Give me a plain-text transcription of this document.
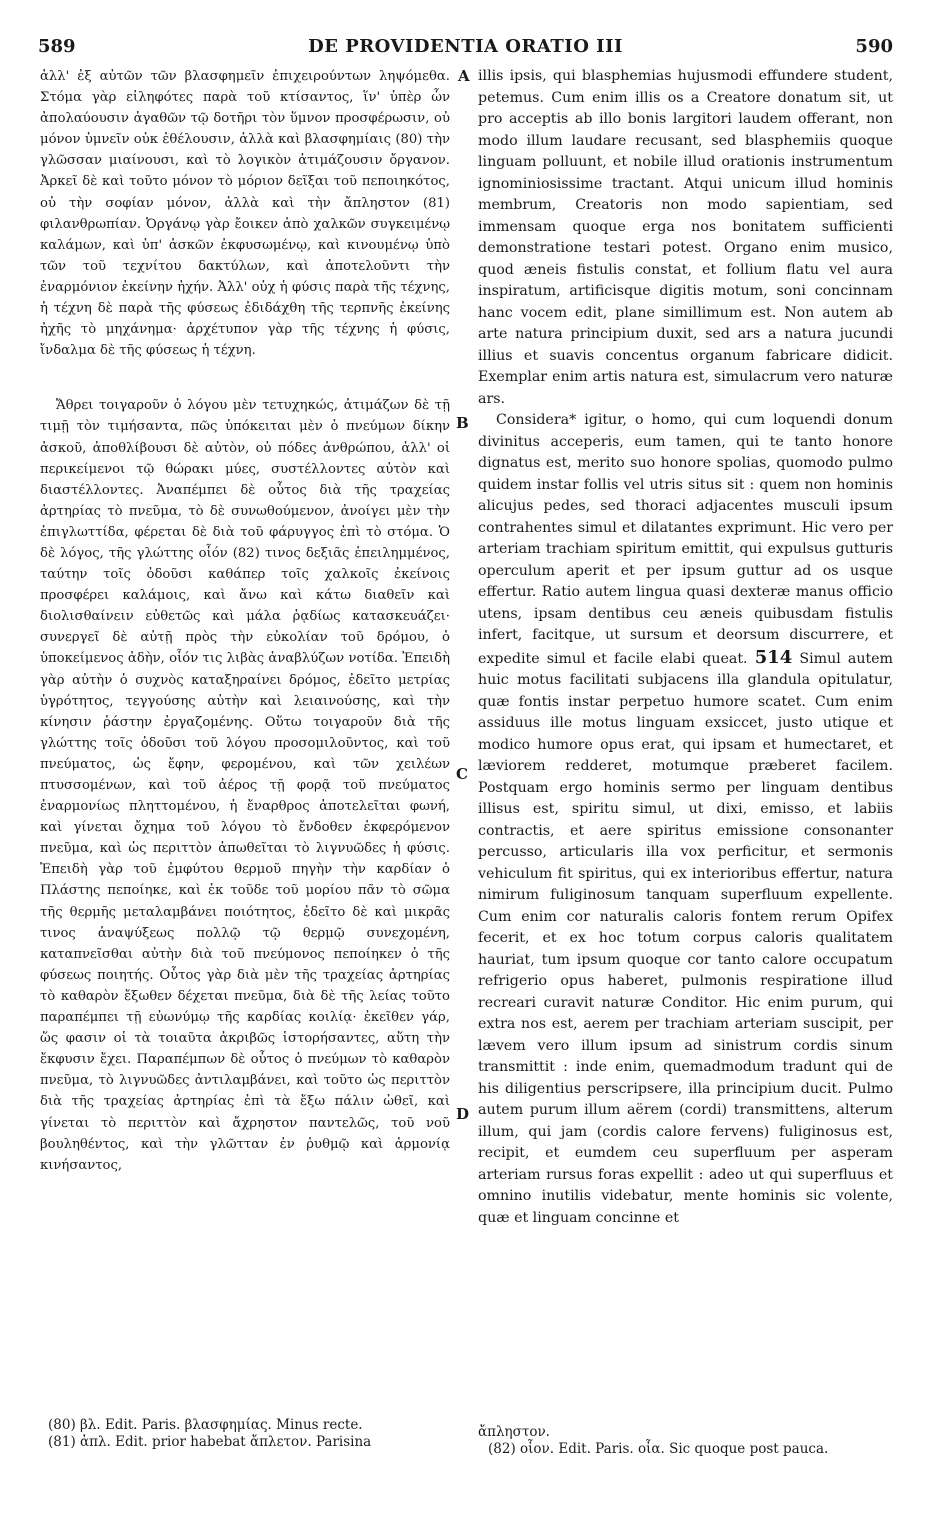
589	DE PROVIDENTIA ORATIO III	590

ἀλλ' ἐξ αὐτῶν τῶν βλασφημεῖν ἐπιχειρούντων ληψόμεθα. Στόμα γὰρ εἰληφότες παρὰ τοῦ κτίσαντος, ἵν' ὑπὲρ ὧν ἀπολαύουσιν ἀγαθῶν τῷ δοτῆρι τὸν ὕμνον προσφέρωσιν, οὐ μόνον ὑμνεῖν οὐκ ἐθέλουσιν, ἀλλὰ καὶ βλασφημίαις (80) τὴν γλῶσσαν μιαίνουσι, καὶ τὸ λογικὸν ἀτιμάζουσιν ὄργανον. Ἀρκεῖ δὲ καὶ τοῦτο μόνον τὸ μόριον δεῖξαι τοῦ πεποιηκότος, οὐ τὴν σοφίαν μόνον, ἀλλὰ καὶ τὴν ἄπληστον (81) φιλανθρωπίαν. Ὀργάνῳ γὰρ ἔοικεν ἀπὸ χαλκῶν συγκειμένῳ καλάμων, καὶ ὑπ' ἀσκῶν ἐκφυσωμένῳ, καὶ κινουμένῳ ὑπὸ τῶν τοῦ τεχνίτου δακτύλων, καὶ ἀποτελοῦντι τὴν ἐναρμόνιον ἐκείνην ἠχήν. Ἀλλ' οὐχ ἡ φύσις παρὰ τῆς τέχνης, ἡ τέχνη δὲ παρὰ τῆς φύσεως ἐδιδάχθη τῆς τερπνῆς ἐκείνης ἠχῆς τὸ μηχάνημα· ἀρχέτυπον γὰρ τῆς τέχνης ἡ φύσις, ἴνδαλμα δὲ τῆς φύσεως ἡ τέχνη.

Ἄθρει τοιγαροῦν ὁ λόγου μὲν τετυχηκώς, ἀτιμάζων δὲ τῇ τιμῇ τὸν τιμήσαντα, πῶς ὑπόκειται μὲν ὁ πνεύμων δίκην ἀσκοῦ, ἀποθλίβουσι δὲ αὐτὸν, οὐ πόδες ἀνθρώπου, ἀλλ' οἱ περικείμενοι τῷ θώρακι μύες, συστέλλοντες αὐτὸν καὶ διαστέλλοντες. Ἀναπέμπει δὲ οὗτος διὰ τῆς τραχείας ἀρτηρίας τὸ πνεῦμα, τὸ δὲ συνωθούμενον, ἀνοίγει μὲν τὴν ἐπιγλωττίδα, φέρεται δὲ διὰ τοῦ φάρυγγος ἐπὶ τὸ στόμα. Ὁ δὲ λόγος, τῆς γλώττης οἷόν (82) τινος δεξιᾶς ἐπειλημμένος, ταύτην τοῖς ὀδοῦσι καθάπερ τοῖς χαλκοῖς ἐκείνοις προσφέρει καλάμοις, καὶ ἄνω καὶ κάτω διαθεῖν καὶ διολισθαίνειν εὐθετῶς καὶ μάλα ῥᾳδίως κατασκευάζει· συνεργεῖ δὲ αὐτῇ πρὸς τὴν εὐκολίαν τοῦ δρόμου, ὁ ὑποκείμενος ἀδὴν, οἷόν τις λιβὰς ἀναβλύζων νοτίδα. Ἐπειδὴ γὰρ αὐτὴν ὁ συχνὸς καταξηραίνει δρόμος, ἐδεῖτο μετρίας ὑγρότητος, τεγγούσης αὐτὴν καὶ λειαινούσης, καὶ τὴν κίνησιν ῥάστην ἐργαζομένης. Οὕτω τοιγαροῦν διὰ τῆς γλώττης τοῖς ὀδοῦσι τοῦ λόγου προσομιλοῦντος, καὶ τοῦ πνεύματος, ὡς ἔφην, φερομένου, καὶ τῶν χειλέων πτυσσομένων, καὶ τοῦ ἀέρος τῇ φορᾷ τοῦ πνεύματος ἐναρμονίως πληττομένου, ἡ ἔναρθρος ἀποτελεῖται φωνή, καὶ γίνεται ὄχημα τοῦ λόγου τὸ ἔνδοθεν ἐκφερόμενον πνεῦμα, καὶ ὡς περιττὸν ἀπωθεῖται τὸ λιγνυῶδες ἡ φύσις. Ἐπειδὴ γὰρ τοῦ ἐμφύτου θερμοῦ πηγὴν τὴν καρδίαν ὁ Πλάστης πεποίηκε, καὶ ἐκ τοῦδε τοῦ μορίου πᾶν τὸ σῶμα τῆς θερμῆς μεταλαμβάνει ποιότητος, ἐδεῖτο δὲ καὶ μικρᾶς τινος ἀναψύξεως πολλῷ τῷ θερμῷ συνεχομένη, καταπνεῖσθαι αὐτὴν διὰ τοῦ πνεύμονος πεποίηκεν ὁ τῆς φύσεως ποιητής. Οὗτος γὰρ διὰ μὲν τῆς τραχείας ἀρτηρίας τὸ καθαρὸν ἔξωθεν δέχεται πνεῦμα, διὰ δὲ τῆς λείας τοῦτο παραπέμπει τῇ εὐωνύμῳ τῆς καρδίας κοιλίᾳ· ἐκεῖθεν γάρ, ὥς φασιν οἱ τὰ τοιαῦτα ἀκριβῶς ἱστορήσαντες, αὕτη τὴν ἔκφυσιν ἔχει. Παραπέμπων δὲ οὗτος ὁ πνεύμων τὸ καθαρὸν πνεῦμα, τὸ λιγνυῶδες ἀντιλαμβάνει, καὶ τοῦτο ὡς περιττὸν διὰ τῆς τραχείας ἀρτηρίας ἐπὶ τὰ ἔξω πάλιν ὠθεῖ, καὶ γίνεται τὸ περιττὸν καὶ ἄχρηστον παντελῶς, τοῦ νοῦ βουληθέντος, καὶ τὴν γλῶτταν ἐν ῥυθμῷ καὶ ἁρμονίᾳ κινήσαντος,

illis ipsis, qui blasphemias hujusmodi effundere student, petemus. Cum enim illis os a Creatore donatum sit, ut pro acceptis ab illo bonis largitori laudem offerant, non modo illum laudare recusant, sed blasphemiis quoque linguam polluunt, et nobile illud orationis instrumentum ignominiosissime tractant. Atqui unicum illud hominis membrum, Creatoris non modo sapientiam, sed immensam quoque erga nos bonitatem sufficienti demonstratione testari potest. Organo enim musico, quod æneis fistulis constat, et follium flatu vel aura inspiratum, artificisque digitis motum, soni concinnam hanc vocem edit, plane simillimum est. Non autem ab arte natura principium duxit, sed ars a natura jucundi illius et suavis concentus organum fabricare didicit. Exemplar enim artis natura est, simulacrum vero naturæ ars.

Considera* igitur, o homo, qui cum loquendi donum divinitus acceperis, eum tamen, qui te tanto honore dignatus est, merito suo honore spolias, quomodo pulmo quidem instar follis vel utris situs sit : quem non hominis alicujus pedes, sed thoraci adjacentes musculi ipsum contrahentes simul et dilatantes exprimunt. Hic vero per arteriam trachiam spiritum emittit, qui expulsus gutturis operculum aperit et per ipsum guttur ad os usque effertur. Ratio autem lingua quasi dexteræ manus officio utens, ipsam dentibus ceu æneis quibusdam fistulis infert, facitque, ut sursum et deorsum discurrere, et expedite simul et facile elabi queat. 514 Simul autem huic motus facilitati subjacens illa glandula opitulatur, quæ fontis instar perpetuo humore scatet. Cum enim assiduus ille motus linguam exsiccet, justo utique et modico humore opus erat, qui ipsam et humectaret, et læviorem redderet, motumque præberet facilem. Postquam ergo hominis sermo per linguam dentibus illisus est, spiritu simul, ut dixi, emisso, et labiis contractis, et aere spiritus emissione consonanter percusso, articularis illa vox perficitur, et sermonis vehiculum fit spiritus, qui ex interioribus effertur, natura nimirum fuliginosum tanquam superfluum expellente. Cum enim cor naturalis caloris fontem rerum Opifex fecerit, et ex hoc totum corpus caloris qualitatem hauriat, tum ipsum quoque cor tanto calore occupatum refrigerio opus haberet, pulmonis respiratione illud recreari curavit naturæ Conditor. Hic enim purum, qui extra nos est, aerem per trachiam arteriam suscipit, per lævem vero illum ipsum ad sinistrum cordis sinum transmittit : inde enim, quemadmodum tradunt qui de his diligentius perscripsere, illa principium ducit. Pulmo autem purum illum aërem (cordi) transmittens, alterum illum, qui jam (cordis calore fervens) fuliginosus est, recipit, et eumdem ceu superfluum per asperam arteriam rursus foras expellit : adeo ut qui superfluus et omnino inutilis videbatur, mente hominis sic volente, quæ et linguam concinne et

A
B
C
D
(80) βλ. Edit. Paris. βλασφημίας. Minus recte.
(81) ἀπλ. Edit. prior habebat ἄπλετον. Parisina
ἄπληστον.
(82) οἷον. Edit. Paris. οἷα. Sic quoque post pauca.
